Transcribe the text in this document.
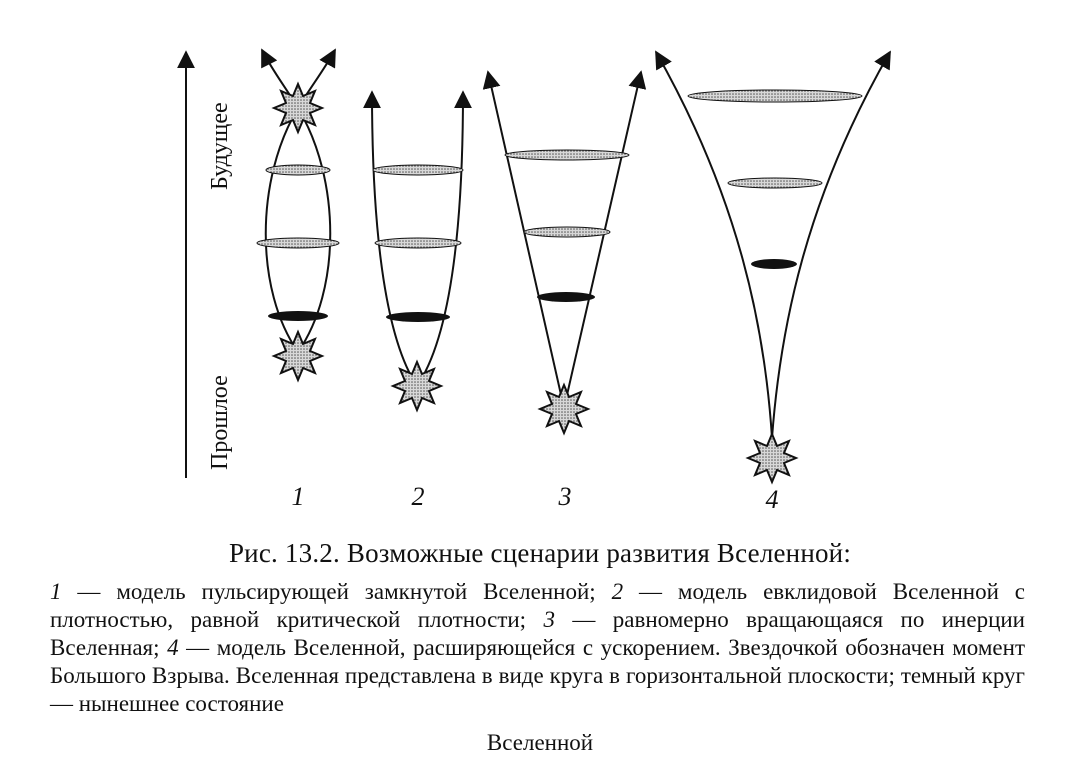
Будущее
Прошлое
1	2	3	4
Рис. 13.2. Возможные сценарии развития Вселенной:
1 — модель пульсирующей замкнутой Вселенной; 2 — модель евклидовой Вселенной с плотностью, равной критической плотности; 3 — равномерно вращающаяся по инерции Вселенная; 4 — модель Вселенной, расширяющейся с ускорением. Звездочкой обозначен момент Большого Взрыва. Вселенная представлена в виде круга в горизонтальной плоскости; темный круг — нынешнее состояние
Вселенной
